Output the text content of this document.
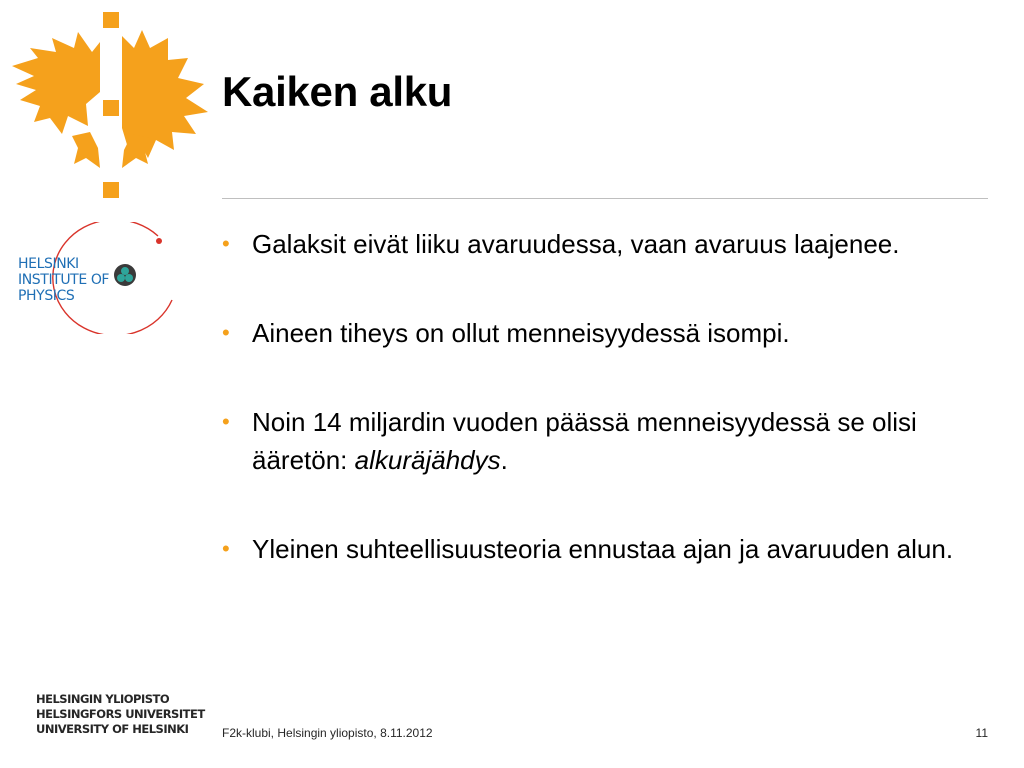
Kaiken alku
HELSINKI
INSTITUTE OF
PHYSICS
• Galaksit eivät liiku avaruudessa, vaan avaruus laajenee.
• Aineen tiheys on ollut menneisyydessä isompi.
• Noin 14 miljardin vuoden päässä menneisyydessä se olisi ääretön: alkuräjähdys.
• Yleinen suhteellisuusteoria ennustaa ajan ja avaruuden alun.
HELSINGIN YLIOPISTO
HELSINGFORS UNIVERSITET
UNIVERSITY OF HELSINKI	F2k-klubi, Helsingin yliopisto, 8.11.2012	11
